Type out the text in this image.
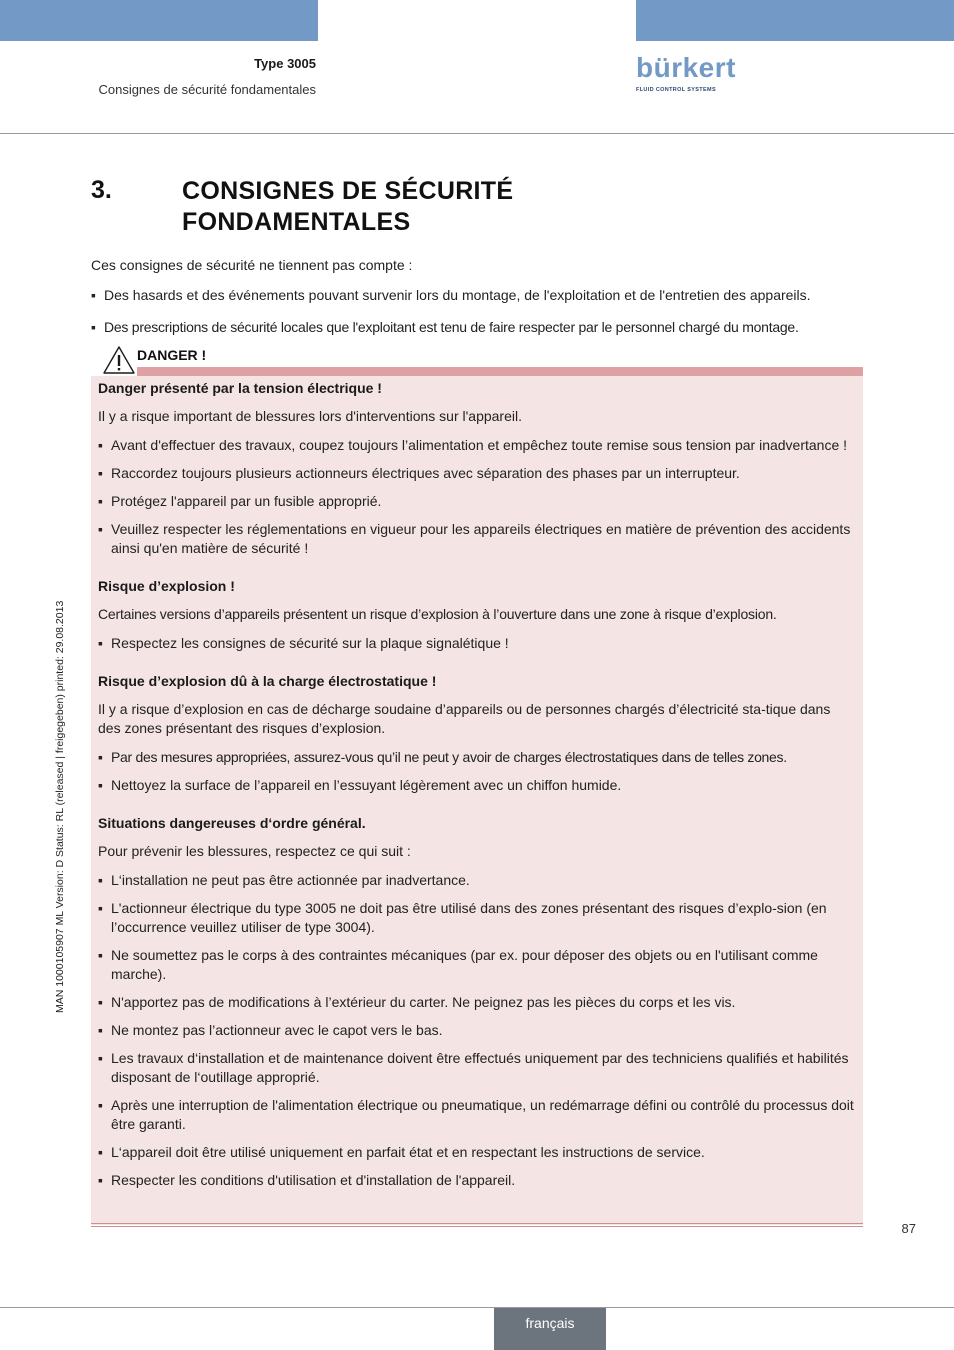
Type 3005
Consignes de sécurité fondamentales
bürkert
FLUID CONTROL SYSTEMS
3.	CONSIGNES DE SÉCURITÉ FONDAMENTALES

Ces consignes de sécurité ne tiennent pas compte :

▪ Des hasards et des événements pouvant survenir lors du montage, de l'exploitation et de l'entretien des appareils.
▪ Des prescriptions de sécurité locales que l'exploitant est tenu de faire respecter par le personnel chargé du montage.
DANGER !
Danger présenté par la tension électrique !

Il y a risque important de blessures lors d'interventions sur l'appareil.

▪ Avant d'effectuer des travaux, coupez toujours l’alimentation et empêchez toute remise sous tension par inadvertance !
▪ Raccordez toujours plusieurs actionneurs électriques avec séparation des phases par un interrupteur.
▪ Protégez l'appareil par un fusible approprié.
▪ Veuillez respecter les réglementations en vigueur pour les appareils électriques en matière de prévention des accidents ainsi qu'en matière de sécurité !
Risque d’explosion !

Certaines versions d’appareils présentent un risque d’explosion à l’ouverture dans une zone à risque d’explosion.

▪ Respectez les consignes de sécurité sur la plaque signalétique !
Risque d’explosion dû à la charge électrostatique !

Il y a risque d’explosion en cas de décharge soudaine d’appareils ou de personnes chargés d’électricité sta-tique dans des zones présentant des risques d’explosion.

▪ Par des mesures appropriées, assurez-vous qu’il ne peut y avoir de charges électrostatiques dans de telles zones.
▪ Nettoyez la surface de l’appareil en l’essuyant légèrement avec un chiffon humide.
Situations dangereuses d‘ordre général.

Pour prévenir les blessures, respectez ce qui suit :

▪ L‘installation ne peut pas être actionnée par inadvertance.
▪ L'actionneur électrique du type 3005 ne doit pas être utilisé dans des zones présentant des risques d’explo-sion (en l’occurrence veuillez utiliser de type 3004).
▪ Ne soumettez pas le corps à des contraintes mécaniques (par ex. pour déposer des objets ou en l'utilisant comme marche).
▪ N'apportez pas de modifications à l’extérieur du carter. Ne peignez pas les pièces du corps et les vis.
▪ Ne montez pas l’actionneur avec le capot vers le bas.
▪ Les travaux d‘installation et de maintenance doivent être effectués uniquement par des techniciens qualifiés et habilités disposant de l‘outillage approprié.
▪ Après une interruption de l'alimentation électrique ou pneumatique, un redémarrage défini ou contrôlé du processus doit être garanti.
▪ L‘appareil doit être utilisé uniquement en parfait état et en respectant les instructions de service.
▪ Respecter les conditions d'utilisation et d'installation de l'appareil.
87
MAN 1000105907 ML Version: D Status: RL (released | freigegeben) printed: 29.08.2013
français
